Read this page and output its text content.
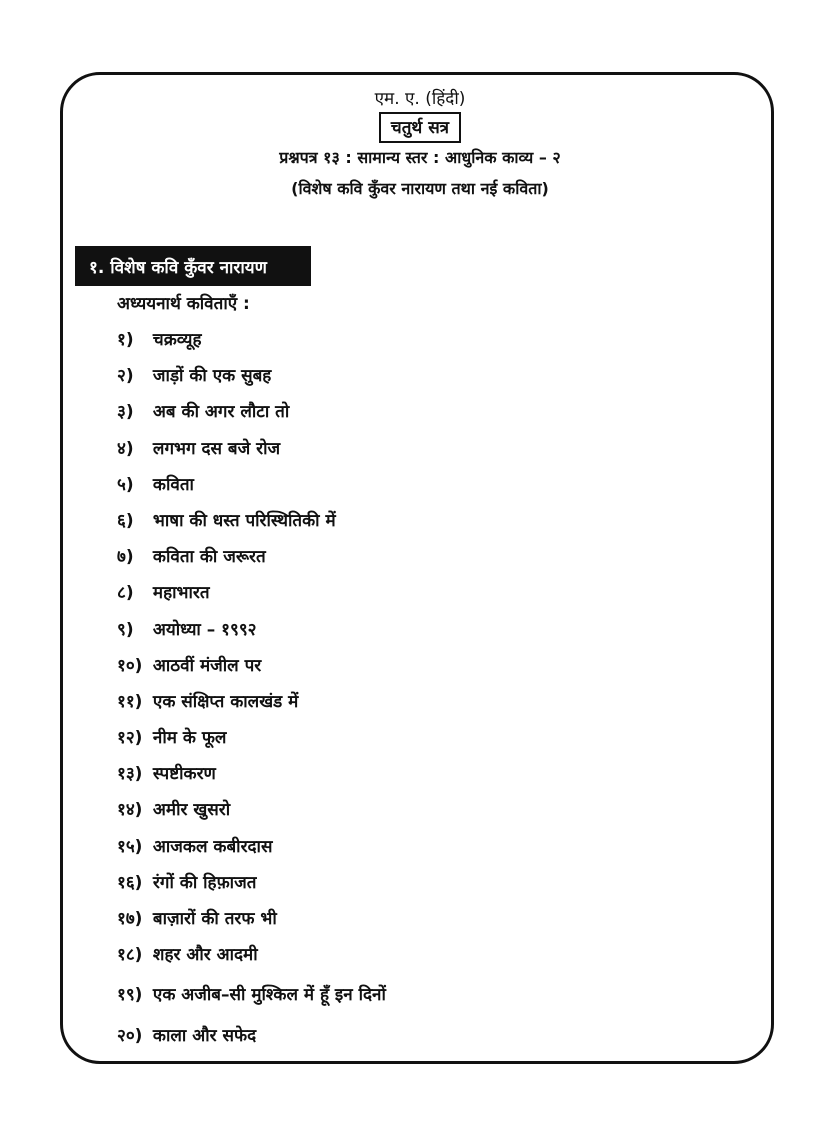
एम. ए. (हिंदी)
चतुर्थ सत्र
प्रश्नपत्र १३ : सामान्य स्तर : आधुनिक काव्य – २
(विशेष कवि कुँवर नारायण तथा नई कविता)
१. विशेष कवि कुँवर नारायण
अध्ययनार्थ कविताएँ :
१) चक्रव्यूह
२) जाड़ों की एक सुबह
३) अब की अगर लौटा तो
४) लगभग दस बजे रोज
५) कविता
६) भाषा की धस्त परिस्थितिकी में
७) कविता की जरूरत
८) महाभारत
९) अयोध्या – १९९२
१०) आठवीं मंजील पर
११) एक संक्षिप्त कालखंड में
१२) नीम के फूल
१३) स्पष्टीकरण
१४) अमीर खुसरो
१५) आजकल कबीरदास
१६) रंगों की हिफ़ाजत
१७) बाज़ारों की तरफ भी
१८) शहर और आदमी
१९) एक अजीब–सी मुश्किल में हूँ इन दिनों
२०) काला और सफेद
